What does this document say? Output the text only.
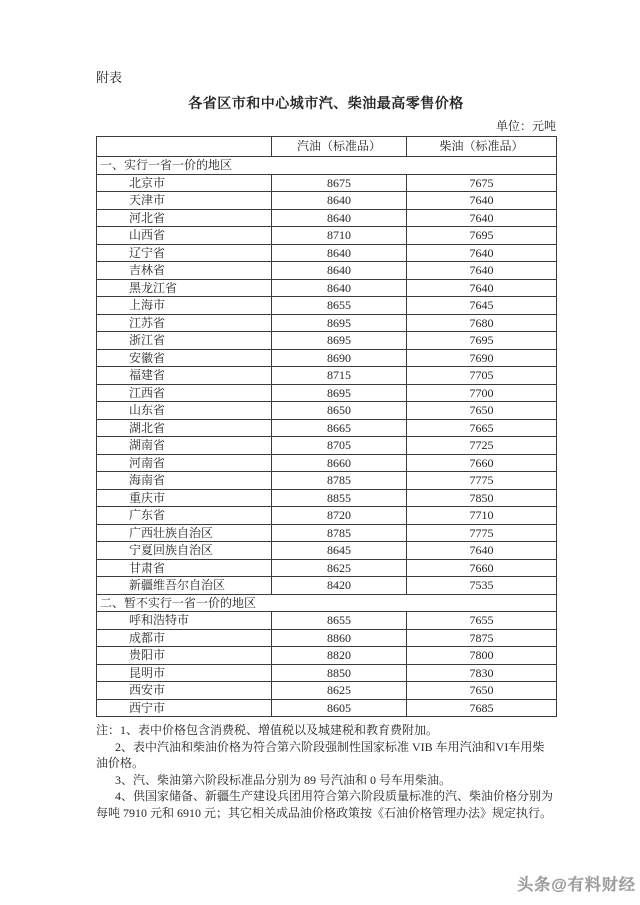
附表
各省区市和中心城市汽、柴油最高零售价格
单位：元吨
	汽油（标准品）	柴油（标准品）
一、实行一省一价的地区		
北京市	8675	7675
天津市	8640	7640
河北省	8640	7640
山西省	8710	7695
辽宁省	8640	7640
吉林省	8640	7640
黑龙江省	8640	7640
上海市	8655	7645
江苏省	8695	7680
浙江省	8695	7695
安徽省	8690	7690
福建省	8715	7705
江西省	8695	7700
山东省	8650	7650
湖北省	8665	7665
湖南省	8705	7725
河南省	8660	7660
海南省	8785	7775
重庆市	8855	7850
广东省	8720	7710
广西壮族自治区	8785	7775
宁夏回族自治区	8645	7640
甘肃省	8625	7660
新疆维吾尔自治区	8420	7535
二、暂不实行一省一价的地区		
呼和浩特市	8655	7655
成都市	8860	7875
贵阳市	8820	7800
昆明市	8850	7830
西安市	8625	7650
西宁市	8605	7685

注：1、表中价格包含消费税、增值税以及城建税和教育费附加。

2、表中汽油和柴油价格为符合第六阶段强制性国家标准 VIB 车用汽油和VI车用柴油价格。

3、汽、柴油第六阶段标准品分别为 89 号汽油和 0 号车用柴油。

4、供国家储备、新疆生产建设兵团用符合第六阶段质量标准的汽、柴油价格分别为每吨 7910 元和 6910 元；其它相关成品油价格政策按《石油价格管理办法》规定执行。

头条@有料财经
